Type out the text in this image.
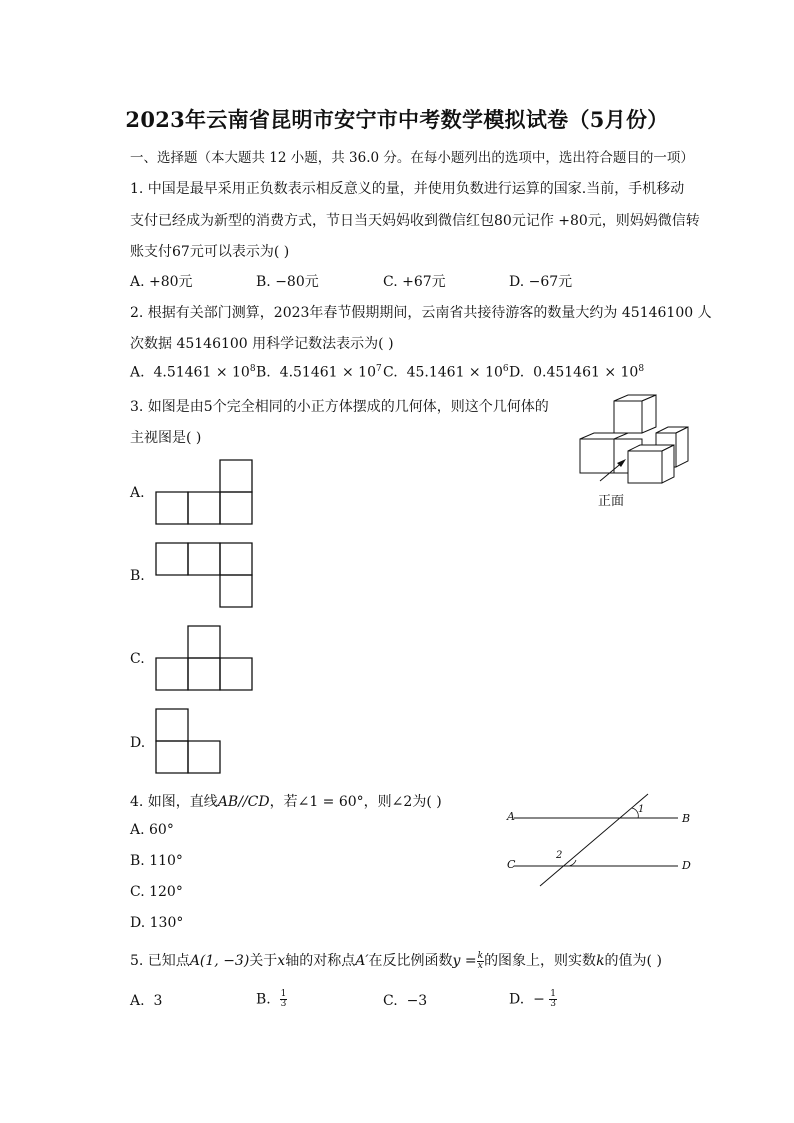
2023年云南省昆明市安宁市中考数学模拟试卷（5月份）
一、选择题（本大题共 12 小题，共 36.0 分。在每小题列出的选项中，选出符合题目的一项）
1. 中国是最早采用正负数表示相反意义的量，并使用负数进行运算的国家.当前，手机移动
支付已经成为新型的消费方式，节日当天妈妈收到微信红包80元记作 +80元，则妈妈微信转
账支付67元可以表示为( )
A. +80元	B. −80元	C. +67元	D. −67元
2. 根据有关部门测算，2023年春节假期期间，云南省共接待游客的数量大约为 45146100 人
次数据 45146100 用科学记数法表示为( )
A. $4.51461 \times 10^8$ B. $4.51461 \times 10^7$ C. $45.1461 \times 10^6$ D. $0.451461 \times 10^8$
3. 如图是由5个完全相同的小正方体摆成的几何体，则这个几何体的
主视图是( )
正面
A.
B.
C.
D.
4. 如图，直线AB//CD，若∠1 = 60°，则∠2为( )
A. 60°
B. 110°
C. 120°
D. 130°
A	B
C	D
1
2
5. 已知点A(1, −3)关于x轴的对称点A′在反比例函数$y = \frac{k}{x}$ 的图象上，则实数k的值为( )
A. 3	B. $\frac{1}{3}$	C. −3	D. − $\frac{1}{3}$
